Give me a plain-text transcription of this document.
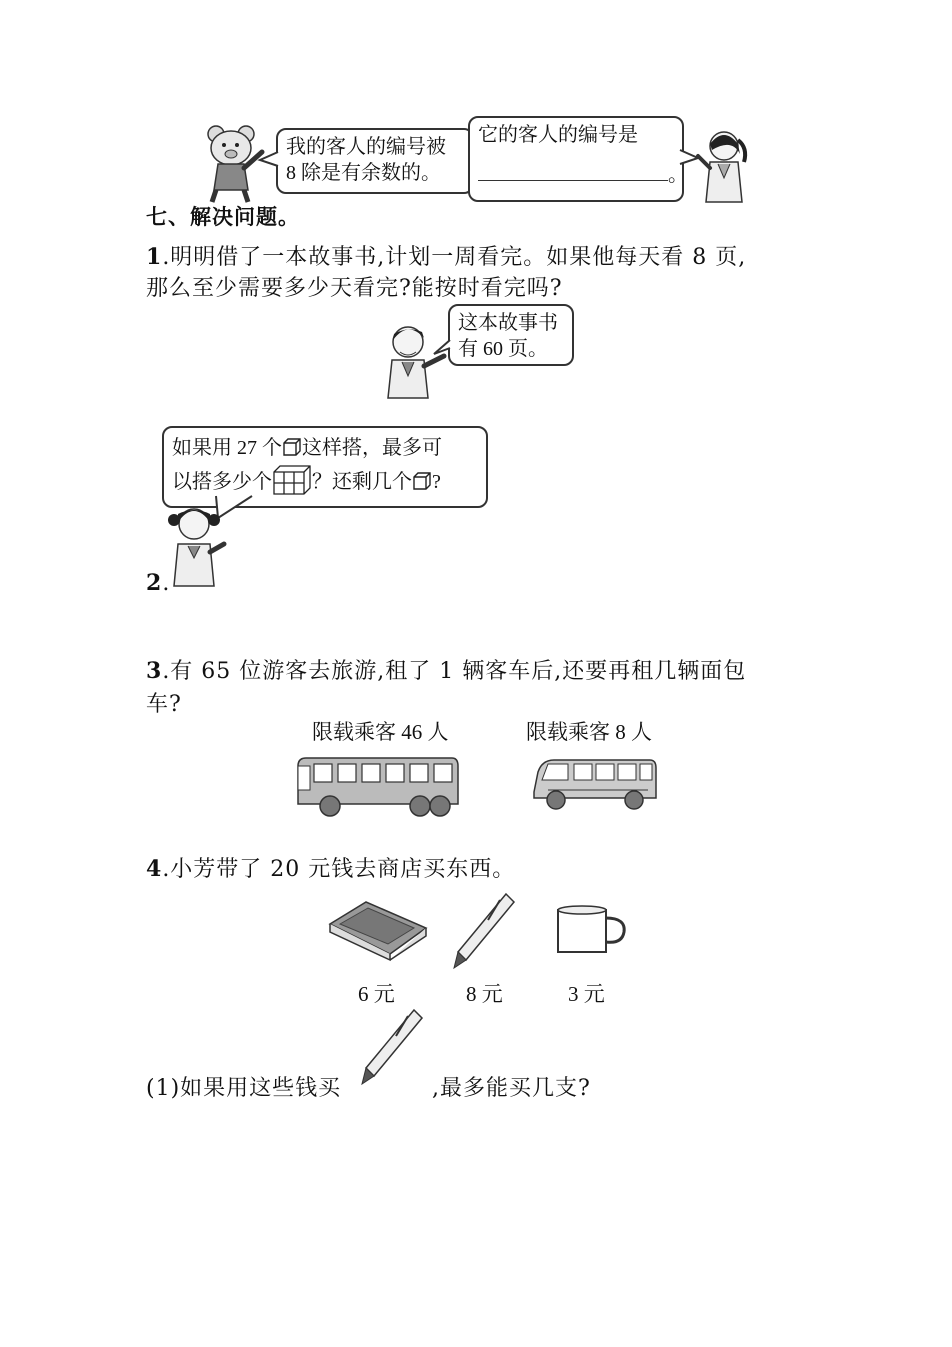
我的客人的编号被
8 除是有余数的。
它的客人的编号是
。
七、解决问题。
1.明明借了一本故事书,计划一周看完。如果他每天看 8 页,
那么至少需要多少天看完?能按时看完吗?
这本故事书
有 60 页。
如果用 27 个 这样搭，最多可
以搭多少个 ？还剩几个 ?
2.
3.有 65 位游客去旅游,租了 1 辆客车后,还要再租几辆面包
车?
限载乘客 46 人	限载乘客 8 人
4.小芳带了 20 元钱去商店买东西。
6 元	8 元	3 元
(1)如果用这些钱买	,最多能买几支?
